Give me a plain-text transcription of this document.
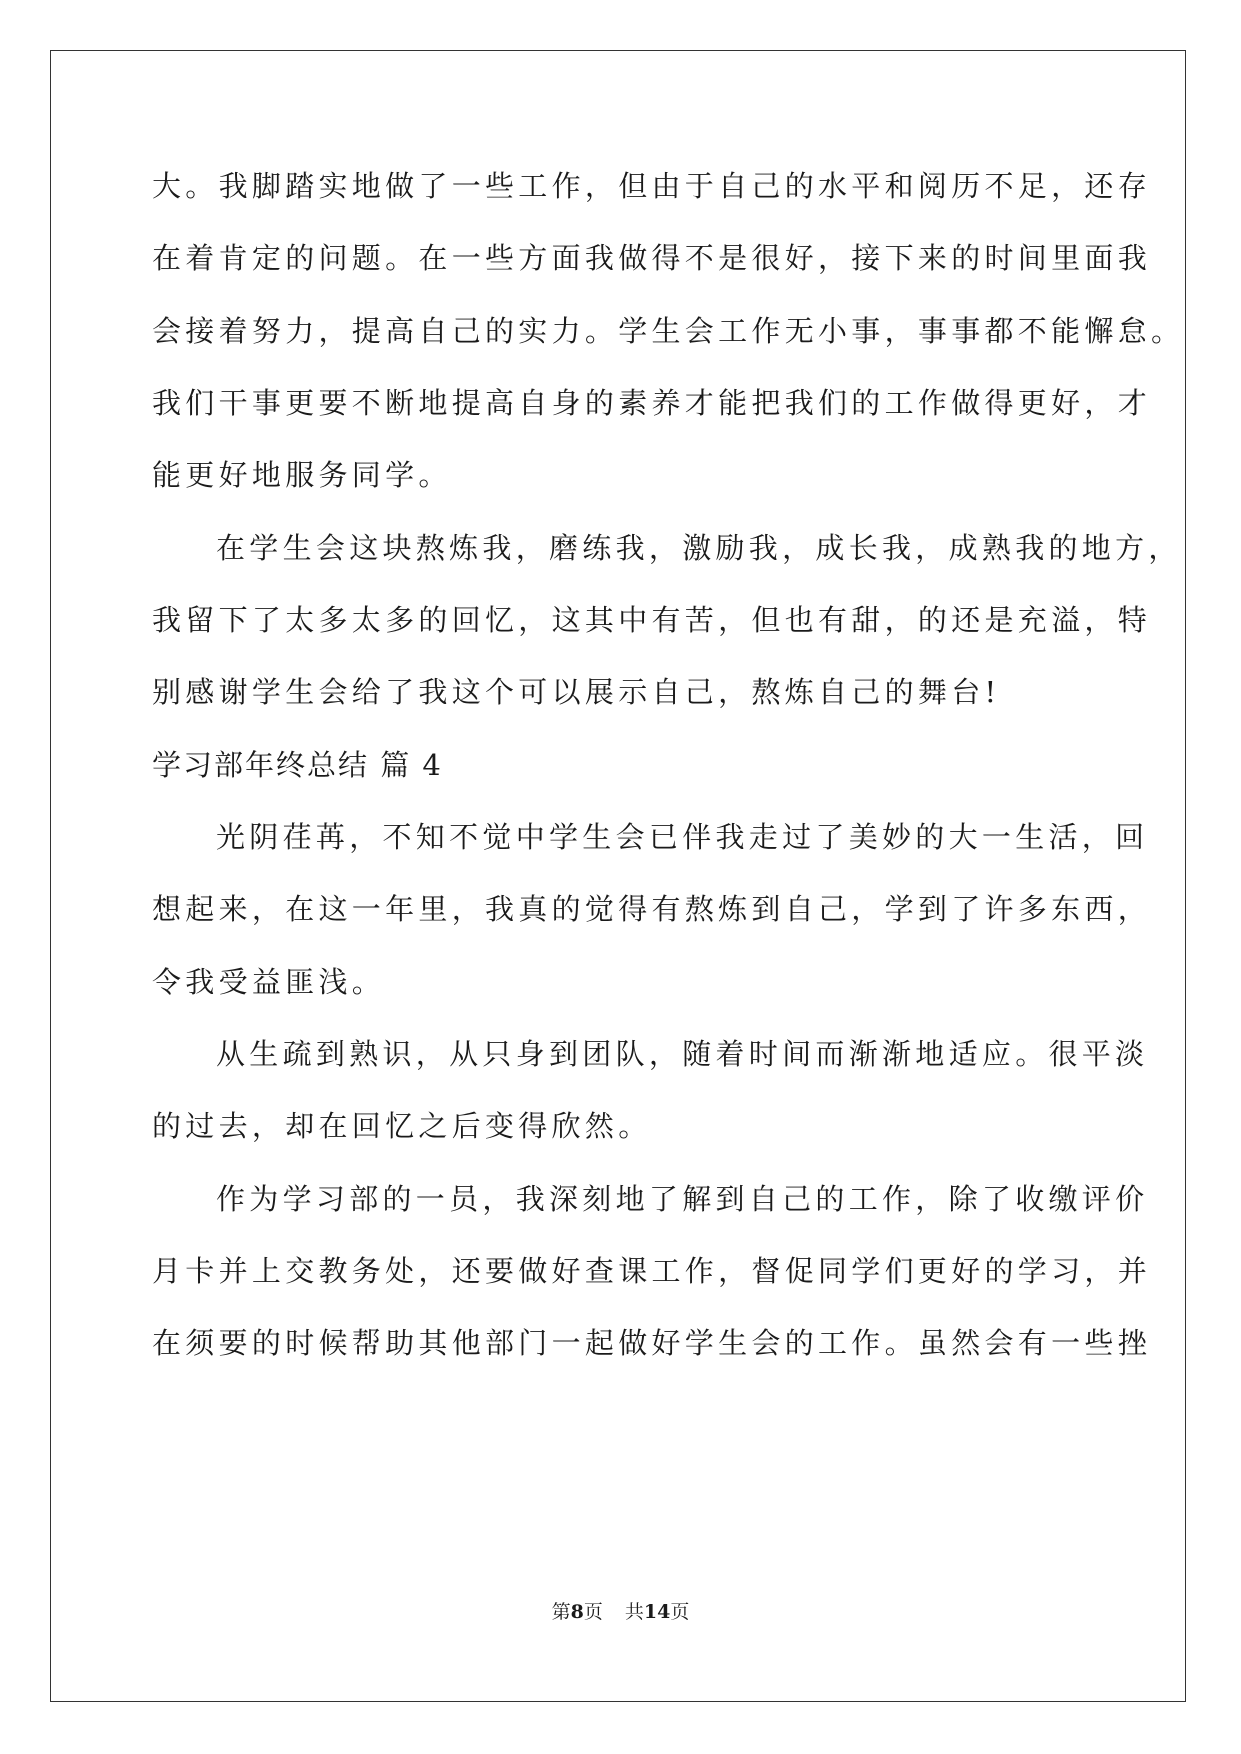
大。我脚踏实地做了一些工作，但由于自己的水平和阅历不足，还存
在着肯定的问题。在一些方面我做得不是很好，接下来的时间里面我
会接着努力，提高自己的实力。学生会工作无小事，事事都不能懈怠。
我们干事更要不断地提高自身的素养才能把我们的工作做得更好，才
能更好地服务同学。
在学生会这块熬炼我，磨练我，激励我，成长我，成熟我的地方，
我留下了太多太多的回忆，这其中有苦，但也有甜，的还是充溢，特
别感谢学生会给了我这个可以展示自己，熬炼自己的舞台!
学习部年终总结 篇 4
光阴荏苒，不知不觉中学生会已伴我走过了美妙的大一生活，回
想起来，在这一年里，我真的觉得有熬炼到自己，学到了许多东西，
令我受益匪浅。
从生疏到熟识，从只身到团队，随着时间而渐渐地适应。很平淡
的过去，却在回忆之后变得欣然。
作为学习部的一员，我深刻地了解到自己的工作，除了收缴评价
月卡并上交教务处，还要做好查课工作，督促同学们更好的学习，并
在须要的时候帮助其他部门一起做好学生会的工作。虽然会有一些挫
第8页 共14页
